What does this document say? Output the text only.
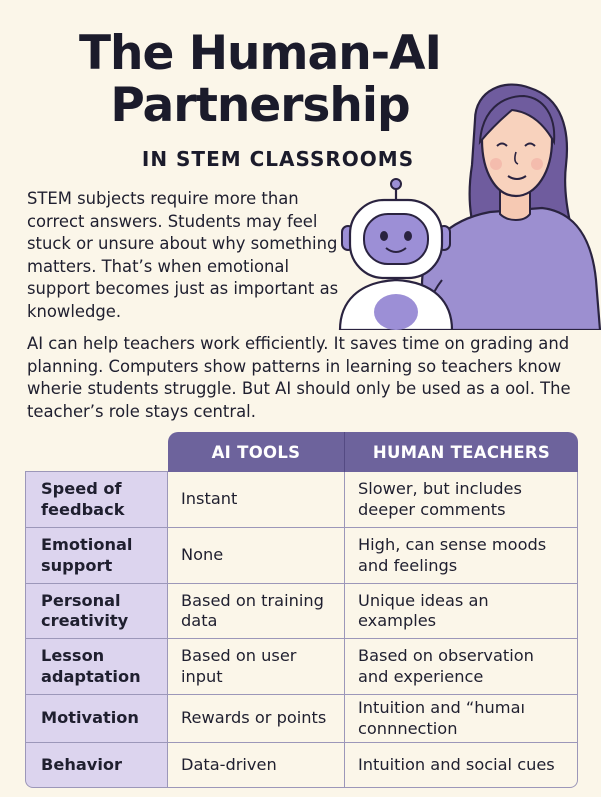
The Human-AI Partnership
IN STEM CLASSROOMS
STEM subjects require more than correct answers. Students may feel stuck or unsure about why something matters. That’s when emotional support becomes just as important as knowledge.
AI can help teachers work efficiently. It saves time on grading and planning. Computers show patterns in learning so teachers know wherie students struggle. But AI should only be used as a ool. The teacher’s role stays central.
	AI TOOLS	HUMAN TEACHERS
Speed of feedback	Instant	Slower, but includes deeper comments
Emotional support	None	High, can sense moods and feelings
Personal creativity	Based on training data	Unique ideas an examples
Lesson adaptation	Based on user input	Based on observation and experience
Motivation	Rewards or points	Intuition and “humaı connnection
Behavior	Data-driven	Intuition and social cues
